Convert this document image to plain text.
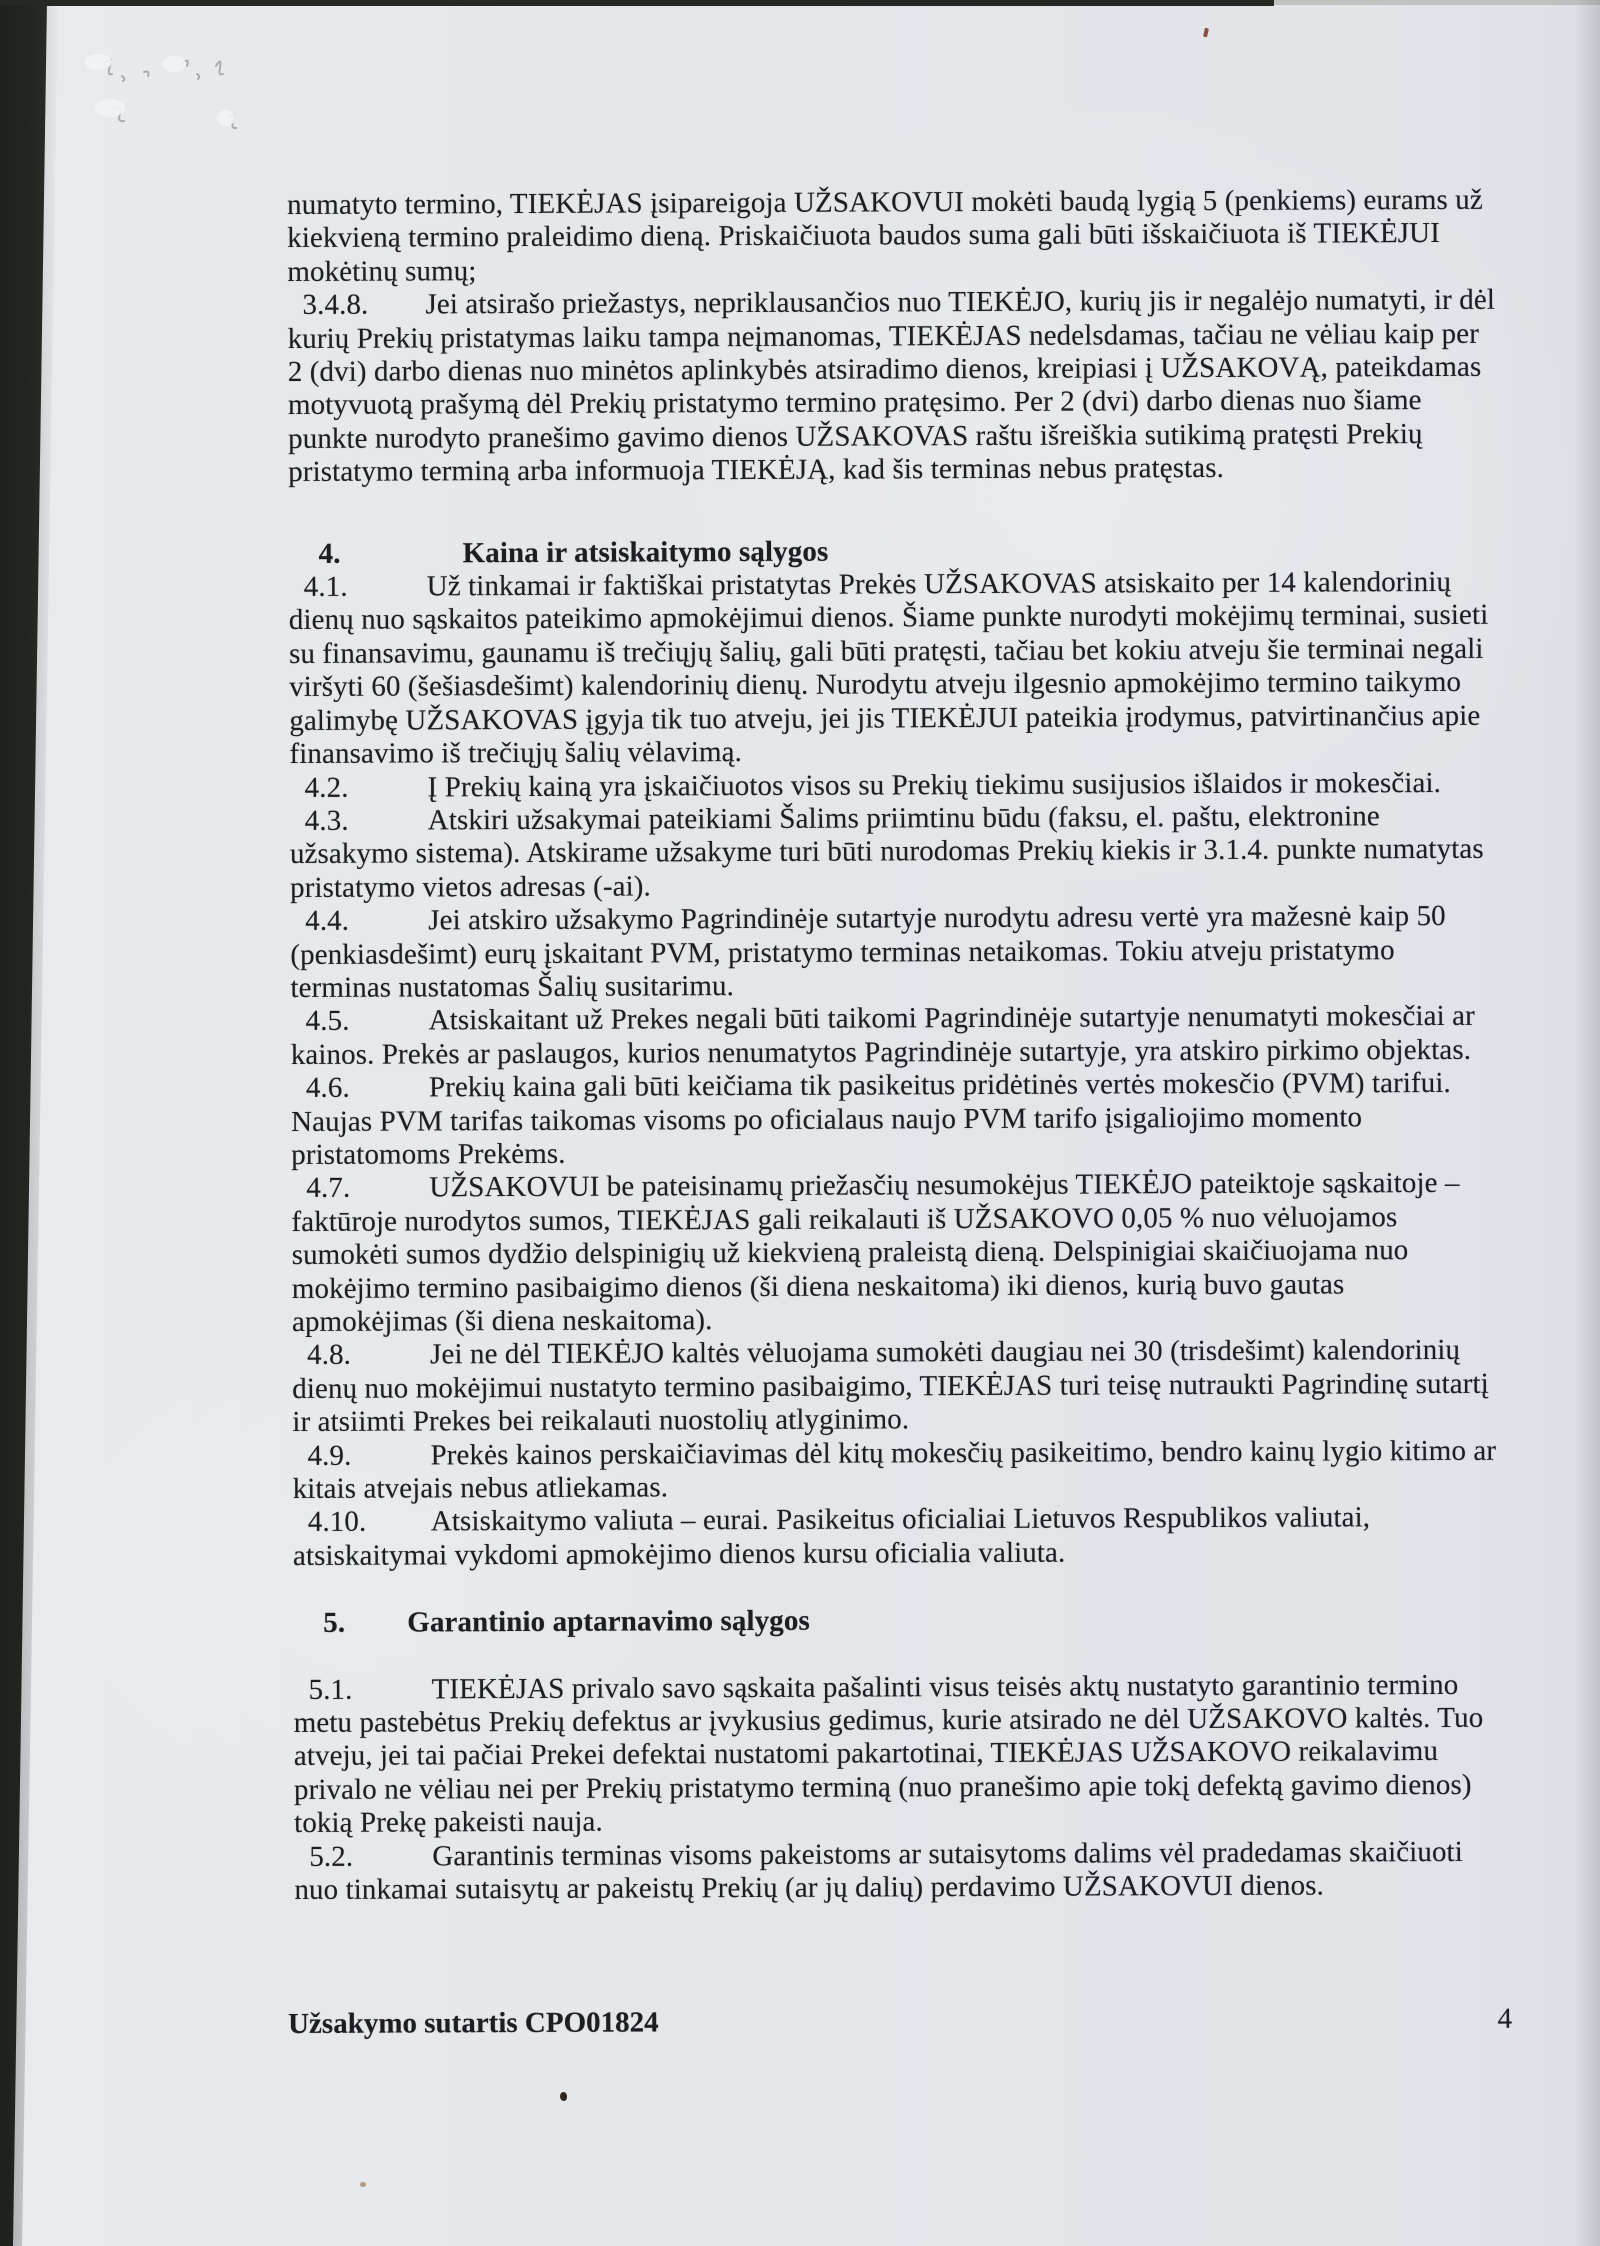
numatyto termino, TIEKĖJAS įsipareigoja UŽSAKOVUI mokėti baudą lygią 5 (penkiems) eurams už kiekvieną termino praleidimo dieną. Priskaičiuota baudos suma gali būti išskaičiuota iš TIEKĖJUI mokėtinų sumų;

3.4.8. Jei atsirašo priežastys, nepriklausančios nuo TIEKĖJO, kurių jis ir negalėjo numatyti, ir dėl kurių Prekių pristatymas laiku tampa neįmanomas, TIEKĖJAS nedelsdamas, tačiau ne vėliau kaip per 2 (dvi) darbo dienas nuo minėtos aplinkybės atsiradimo dienos, kreipiasi į UŽSAKOVĄ, pateikdamas motyvuotą prašymą dėl Prekių pristatymo termino pratęsimo. Per 2 (dvi) darbo dienas nuo šiame punkte nurodyto pranešimo gavimo dienos UŽSAKOVAS raštu išreiškia sutikimą pratęsti Prekių pristatymo terminą arba informuoja TIEKĖJĄ, kad šis terminas nebus pratęstas.

4.	Kaina ir atsiskaitymo sąlygos

4.1.	Už tinkamai ir faktiškai pristatytas Prekės UŽSAKOVAS atsiskaito per 14 kalendorinių dienų nuo sąskaitos pateikimo apmokėjimui dienos. Šiame punkte nurodyti mokėjimų terminai, susieti su finansavimu, gaunamu iš trečiųjų šalių, gali būti pratęsti, tačiau bet kokiu atveju šie terminai negali viršyti 60 (šešiasdešimt) kalendorinių dienų. Nurodytu atveju ilgesnio apmokėjimo termino taikymo galimybę UŽSAKOVAS įgyja tik tuo atveju, jei jis TIEKĖJUI pateikia įrodymus, patvirtinančius apie finansavimo iš trečiųjų šalių vėlavimą.

4.2.	Į Prekių kainą yra įskaičiuotos visos su Prekių tiekimu susijusios išlaidos ir mokesčiai.

4.3.	Atskiri užsakymai pateikiami Šalims priimtinu būdu (faksu, el. paštu, elektronine užsakymo sistema). Atskirame užsakyme turi būti nurodomas Prekių kiekis ir 3.1.4. punkte numatytas pristatymo vietos adresas (-ai).

4.4.	Jei atskiro užsakymo Pagrindinėje sutartyje nurodytu adresu vertė yra mažesnė kaip 50 (penkiasdešimt) eurų įskaitant PVM, pristatymo terminas netaikomas. Tokiu atveju pristatymo terminas nustatomas Šalių susitarimu.

4.5.	Atsiskaitant už Prekes negali būti taikomi Pagrindinėje sutartyje nenumatyti mokesčiai ar kainos. Prekės ar paslaugos, kurios nenumatytos Pagrindinėje sutartyje, yra atskiro pirkimo objektas.

4.6.	Prekių kaina gali būti keičiama tik pasikeitus pridėtinės vertės mokesčio (PVM) tarifui. Naujas PVM tarifas taikomas visoms po oficialaus naujo PVM tarifo įsigaliojimo momento pristatomoms Prekėms.

4.7.	UŽSAKOVUI be pateisinamų priežasčių nesumokėjus TIEKĖJO pateiktoje sąskaitoje – faktūroje nurodytos sumos, TIEKĖJAS gali reikalauti iš UŽSAKOVO 0,05 % nuo vėluojamos sumokėti sumos dydžio delspinigių už kiekvieną praleistą dieną. Delspinigiai skaičiuojama nuo mokėjimo termino pasibaigimo dienos (ši diena neskaitoma) iki dienos, kurią buvo gautas apmokėjimas (ši diena neskaitoma).

4.8.	Jei ne dėl TIEKĖJO kaltės vėluojama sumokėti daugiau nei 30 (trisdešimt) kalendorinių dienų nuo mokėjimui nustatyto termino pasibaigimo, TIEKĖJAS turi teisę nutraukti Pagrindinę sutartį ir atsiimti Prekes bei reikalauti nuostolių atlyginimo.

4.9.	Prekės kainos perskaičiavimas dėl kitų mokesčių pasikeitimo, bendro kainų lygio kitimo ar kitais atvejais nebus atliekamas.

4.10. Atsiskaitymo valiuta – eurai. Pasikeitus oficialiai Lietuvos Respublikos valiutai, atsiskaitymai vykdomi apmokėjimo dienos kursu oficialia valiuta.

5. Garantinio aptarnavimo sąlygos

5.1.	TIEKĖJAS privalo savo sąskaita pašalinti visus teisės aktų nustatyto garantinio termino metu pastebėtus Prekių defektus ar įvykusius gedimus, kurie atsirado ne dėl UŽSAKOVO kaltės. Tuo atveju, jei tai pačiai Prekei defektai nustatomi pakartotinai, TIEKĖJAS UŽSAKOVO reikalavimu privalo ne vėliau nei per Prekių pristatymo terminą (nuo pranešimo apie tokį defektą gavimo dienos) tokią Prekę pakeisti nauja.

5.2.	Garantinis terminas visoms pakeistoms ar sutaisytoms dalims vėl pradedamas skaičiuoti nuo tinkamai sutaisytų ar pakeistų Prekių (ar jų dalių) perdavimo UŽSAKOVUI dienos.

Užsakymo sutartis CPO01824	4
